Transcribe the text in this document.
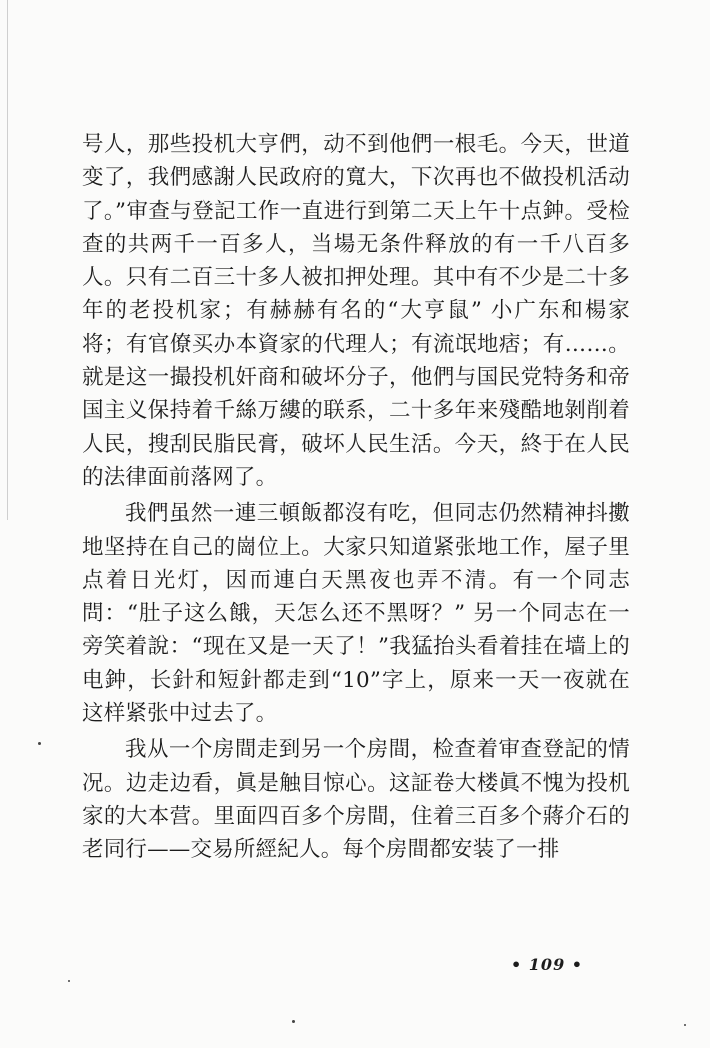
号人，那些投机大亨們，动不到他們一根毛。今天，世道变了，我們感謝人民政府的寬大，下次再也不做投机活动了。”审查与登記工作一直进行到第二天上午十点鈡。受检查的共两千一百多人，当場无条件释放的有一千八百多人。只有二百三十多人被扣押处理。其中有不少是二十多年的老投机家；有赫赫有名的“大亨鼠” 小广东和楊家将；有官僚买办本資家的代理人；有流氓地痞；有……。就是这一撮投机奸商和破坏分子，他們与国民党特务和帝国主义保持着千絲万縷的联系，二十多年来殘酷地剝削着人民，搜刮民脂民膏，破坏人民生活。今天，終于在人民的法律面前落网了。

我們虽然一連三頓飯都沒有吃，但同志仍然精神抖擻地坚持在自己的崗位上。大家只知道紧张地工作，屋子里点着日光灯，因而連白天黑夜也弄不清。有一个同志問：“肚子这么餓，天怎么还不黑呀？” 另一个同志在一旁笑着說：“现在又是一天了！”我猛抬头看着挂在墙上的电鈡，长針和短針都走到“10”字上，原来一天一夜就在这样紧张中过去了。

我从一个房間走到另一个房間，检查着审查登記的情况。边走边看，眞是触目惊心。这証卷大楼眞不愧为投机家的大本营。里面四百多个房間，住着三百多个蔣介石的老同行——交易所經紀人。每个房間都安装了一排

• 109 •
